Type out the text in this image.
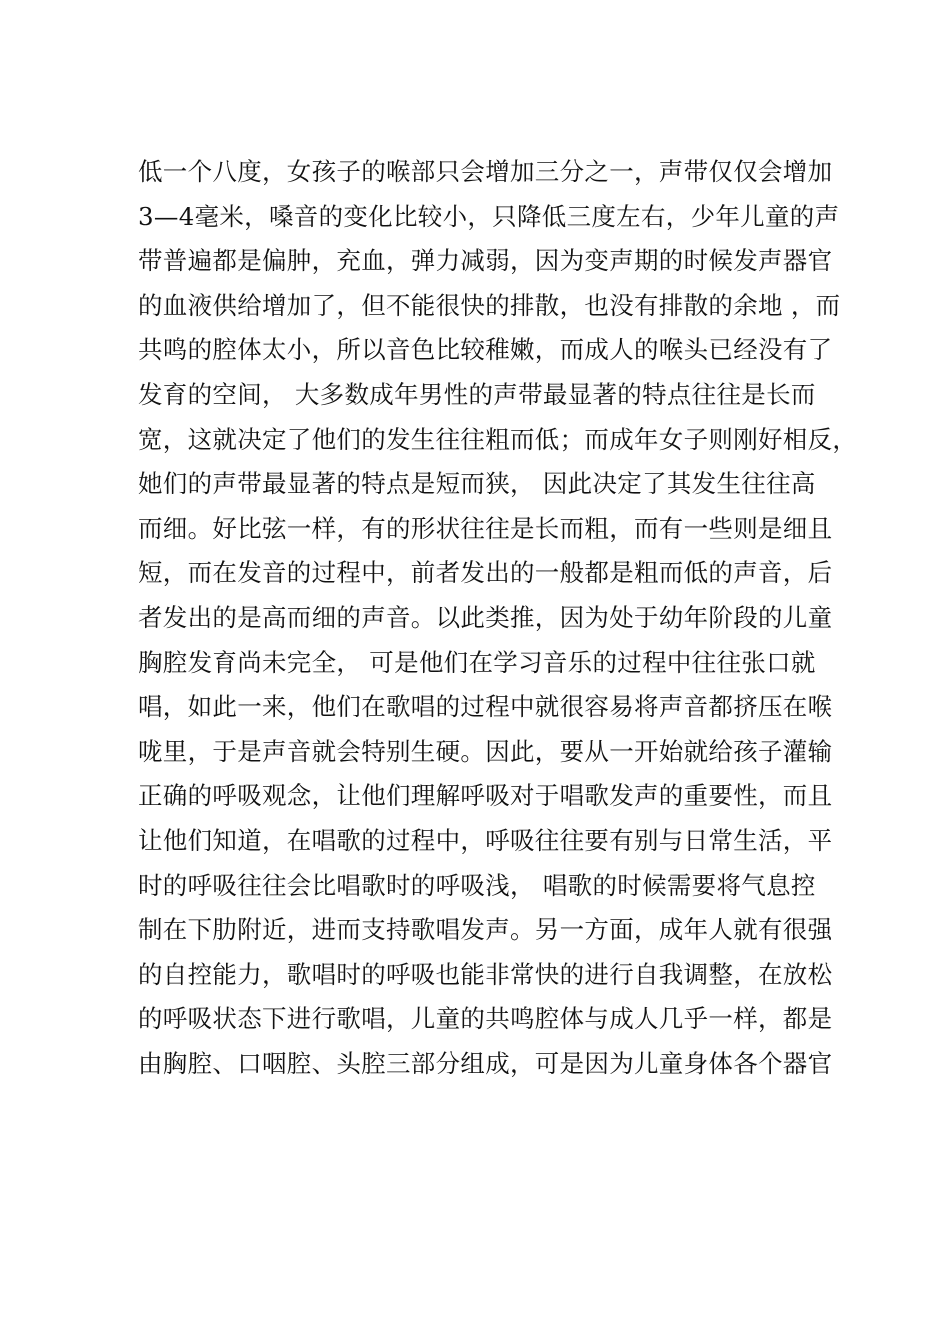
低一个八度，女孩子的喉部只会增加三分之一，声带仅仅会增加
3—4毫米，嗓音的变化比较小，只降低三度左右，少年儿童的声
带普遍都是偏肿，充血，弹力减弱，因为变声期的时候发声器官
的血液供给增加了，但不能很快的排散，也没有排散的余地 ，而
共鸣的腔体太小，所以音色比较稚嫩，而成人的喉头已经没有了
发育的空间， 大多数成年男性的声带最显著的特点往往是长而
宽，这就决定了他们的发生往往粗而低；而成年女子则刚好相反，
她们的声带最显著的特点是短而狭， 因此决定了其发生往往高
而细。好比弦一样，有的形状往往是长而粗，而有一些则是细且
短，而在发音的过程中，前者发出的一般都是粗而低的声音，后
者发出的是高而细的声音。以此类推，因为处于幼年阶段的儿童
胸腔发育尚未完全， 可是他们在学习音乐的过程中往往张口就
唱，如此一来，他们在歌唱的过程中就很容易将声音都挤压在喉
咙里，于是声音就会特别生硬。因此，要从一开始就给孩子灌输
正确的呼吸观念，让他们理解呼吸对于唱歌发声的重要性，而且
让他们知道，在唱歌的过程中，呼吸往往要有别与日常生活，平
时的呼吸往往会比唱歌时的呼吸浅， 唱歌的时候需要将气息控
制在下肋附近，进而支持歌唱发声。另一方面，成年人就有很强
的自控能力，歌唱时的呼吸也能非常快的进行自我调整，在放松
的呼吸状态下进行歌唱，儿童的共鸣腔体与成人几乎一样，都是
由胸腔、口咽腔、头腔三部分组成，可是因为儿童身体各个器官
